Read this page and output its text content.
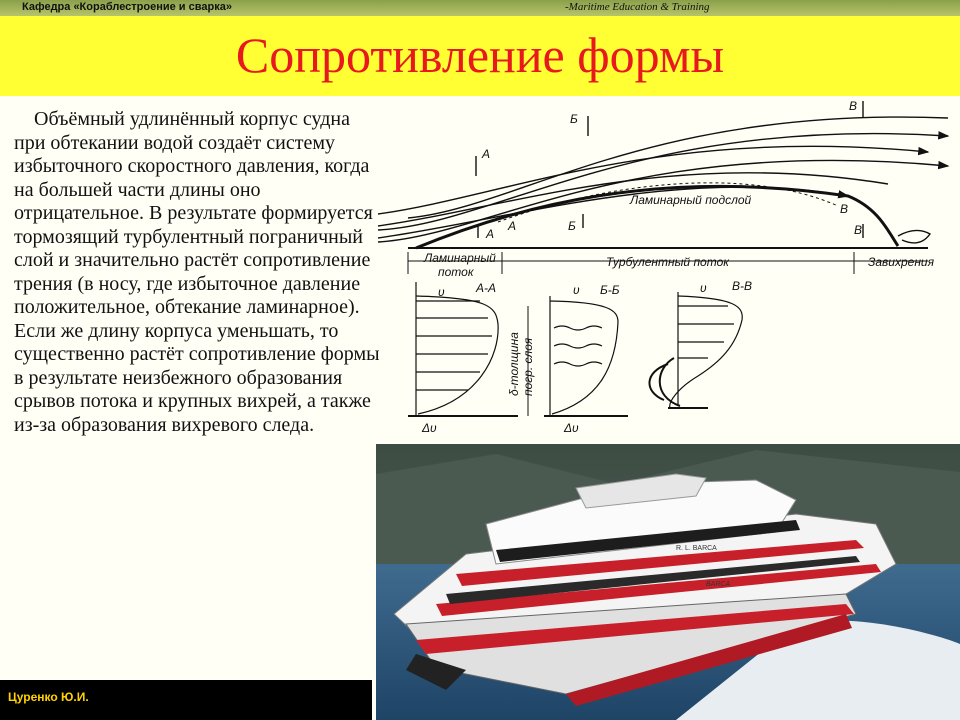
Кафедра «Кораблестроение и сварка»	-Maritime Education & Training
Сопротивление формы

Объёмный удлинённый корпус судна при обтекании водой создаёт систему избыточного скоростного давления, когда на большей части длины оно отрицательное. В результате формируется тормозящий турбулентный пограничный слой и значительно растёт сопротивление трения (в носу, где избыточное давление положительное, обтекание ламинарное). Если же длину корпуса уменьшать, то существенно растёт сопротивление формы в результате неизбежного образования срывов потока и крупных вихрей, а также из-за образования вихревого следа.

А
Б
В
А
А	Б
В
В
Ламинарный подслой
Ламинарный
поток
Турбулентный поток	Завихрения
υ	А-А
Δυ
δ-толщина погр. слоя
υ Б-Б
Δυ
υ В-В
BARCA
R. L. BARCA
Цуренко Ю.И.
